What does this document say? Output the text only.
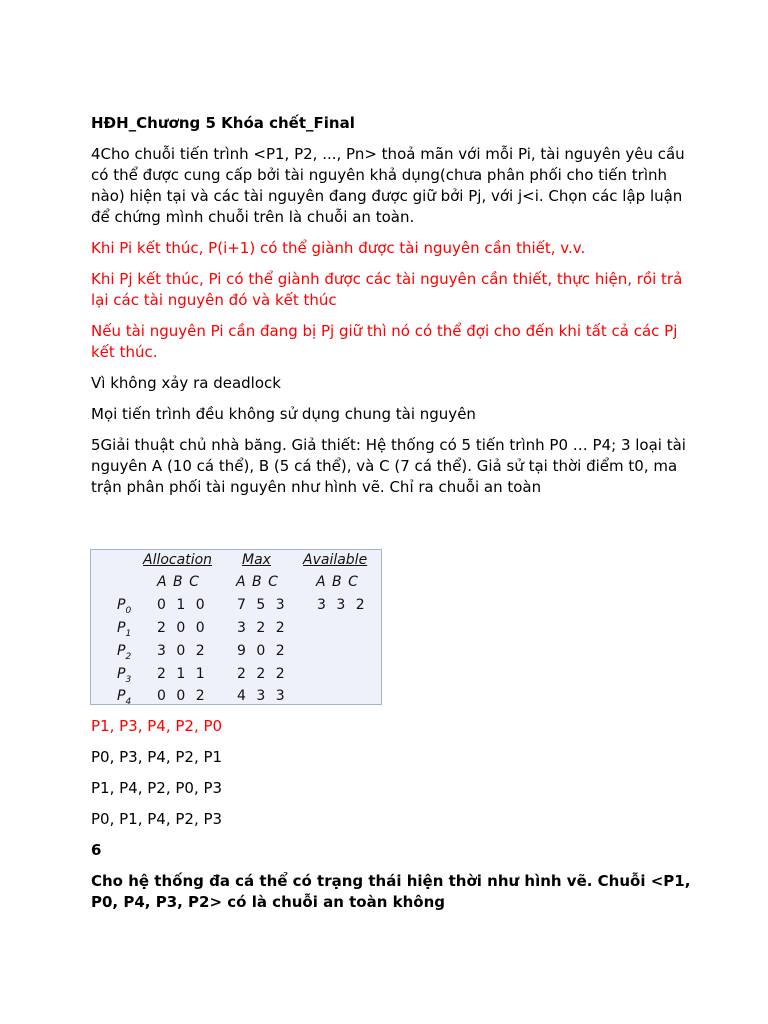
HĐH_Chương 5 Khóa chết_Final

4Cho chuỗi tiến trình <P1, P2, ..., Pn> thoả mãn với mỗi Pi, tài nguyên yêu cầu có thể được cung cấp bởi tài nguyên khả dụng(chưa phân phối cho tiến trình nào) hiện tại và các tài nguyên đang được giữ bởi Pj, với j<i. Chọn các lập luận để chứng mình chuỗi trên là chuỗi an toàn.

Khi Pi kết thúc, P(i+1) có thể giành được tài nguyên cần thiết, v.v.

Khi Pj kết thúc, Pi có thể giành được các tài nguyên cần thiết, thực hiện, rồi trả lại các tài nguyên đó và kết thúc

Nếu tài nguyên Pi cần đang bị Pj giữ thì nó có thể đợi cho đến khi tất cả các Pj kết thúc.

Vì không xảy ra deadlock

Mọi tiến trình đều không sử dụng chung tài nguyên

5Giải thuật chủ nhà băng. Giả thiết: Hệ thống có 5 tiến trình P0 … P4; 3 loại tài nguyên A (10 cá thể), B (5 cá thể), và C (7 cá thể). Giả sử tại thời điểm t0, ma trận phân phối tài nguyên như hình vẽ. Chỉ ra chuỗi an toàn

Allocation Max Available
A B C	A B C	A B C
$P_0$ 0 1 0 7 5 3 3 3 2
$P_1$ 2 0 0 3 2 2
$P_2$ 3 0 2 9 0 2
$P_3$ 2 1 1 2 2 2
$P_4$ 0 0 2 4 3 3

P1, P3, P4, P2, P0

P0, P3, P4, P2, P1

P1, P4, P2, P0, P3

P0, P1, P4, P2, P3

6

Cho hệ thống đa cá thể có trạng thái hiện thời như hình vẽ. Chuỗi <P1, P0, P4, P3, P2> có là chuỗi an toàn không
